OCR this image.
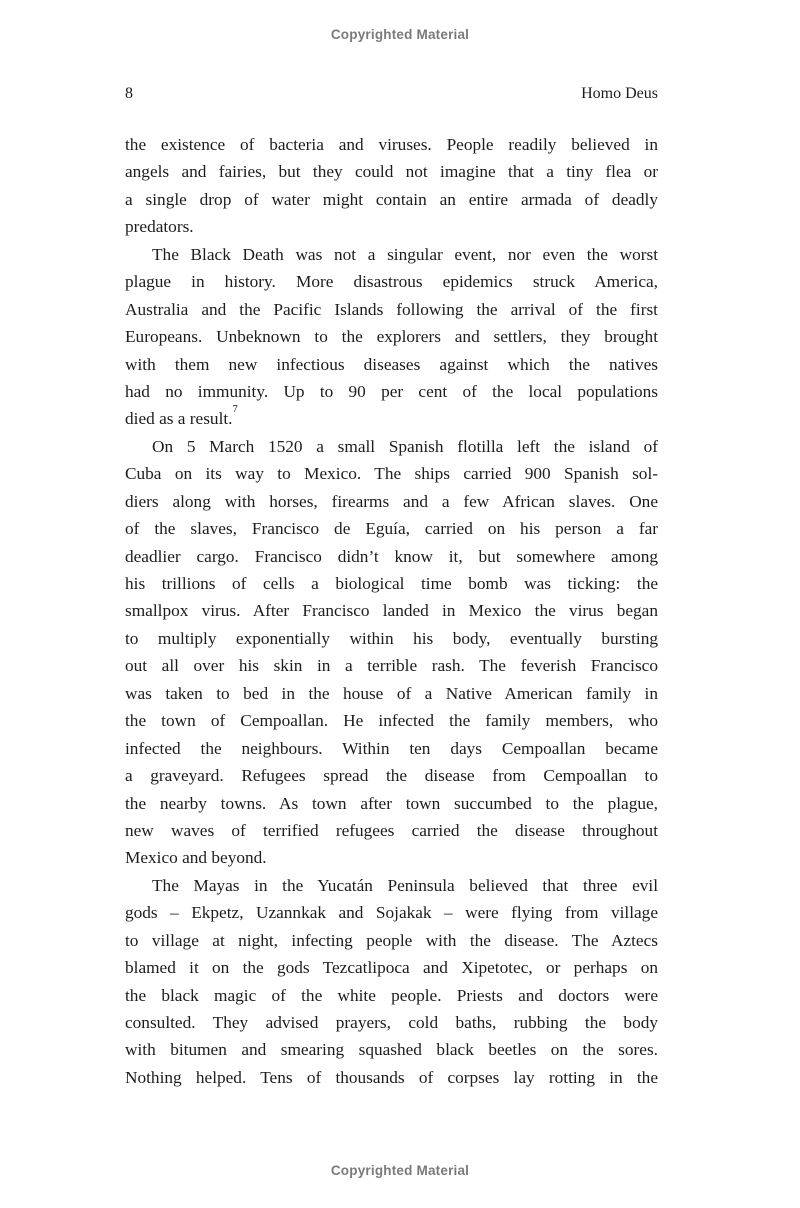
Copyrighted Material
8	Homo Deus
the existence of bacteria and viruses. People readily believed in
angels and fairies, but they could not imagine that a tiny flea or
a single drop of water might contain an entire armada of deadly
predators.
The Black Death was not a singular event, nor even the worst
plague in history. More disastrous epidemics struck America,
Australia and the Pacific Islands following the arrival of the first
Europeans. Unbeknown to the explorers and settlers, they brought
with them new infectious diseases against which the natives
had no immunity. Up to 90 per cent of the local populations
died as a result.$^7$
On 5 March 1520 a small Spanish flotilla left the island of
Cuba on its way to Mexico. The ships carried 900 Spanish sol-
diers along with horses, firearms and a few African slaves. One
of the slaves, Francisco de Eguía, carried on his person a far
deadlier cargo. Francisco didn’t know it, but somewhere among
his trillions of cells a biological time bomb was ticking: the
smallpox virus. After Francisco landed in Mexico the virus began
to multiply exponentially within his body, eventually bursting
out all over his skin in a terrible rash. The feverish Francisco
was taken to bed in the house of a Native American family in
the town of Cempoallan. He infected the family members, who
infected the neighbours. Within ten days Cempoallan became
a graveyard. Refugees spread the disease from Cempoallan to
the nearby towns. As town after town succumbed to the plague,
new waves of terrified refugees carried the disease throughout
Mexico and beyond.
The Mayas in the Yucatán Peninsula believed that three evil
gods – Ekpetz, Uzannkak and Sojakak – were flying from village
to village at night, infecting people with the disease. The Aztecs
blamed it on the gods Tezcatlipoca and Xipetotec, or perhaps on
the black magic of the white people. Priests and doctors were
consulted. They advised prayers, cold baths, rubbing the body
with bitumen and smearing squashed black beetles on the sores.
Nothing helped. Tens of thousands of corpses lay rotting in the
Copyrighted Material
